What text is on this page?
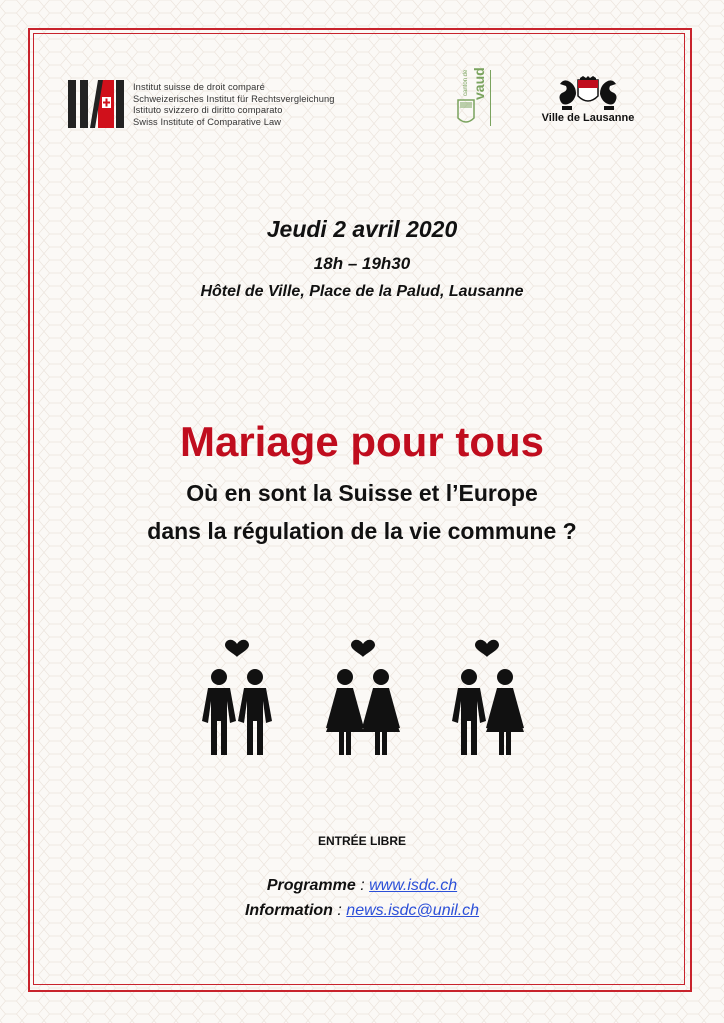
Institut suisse de droit comparé
Schweizerisches Institut für Rechtsvergleichung
Istituto svizzero di diritto comparato
Swiss Institute of Comparative Law
canton de vaud
Ville de Lausanne
Jeudi 2 avril 2020
18h – 19h30
Hôtel de Ville, Place de la Palud, Lausanne
Mariage pour tous
Où en sont la Suisse et l’Europe
dans la régulation de la vie commune ?
ENTRÉE LIBRE
Programme : www.isdc.ch
Information : news.isdc@unil.ch
